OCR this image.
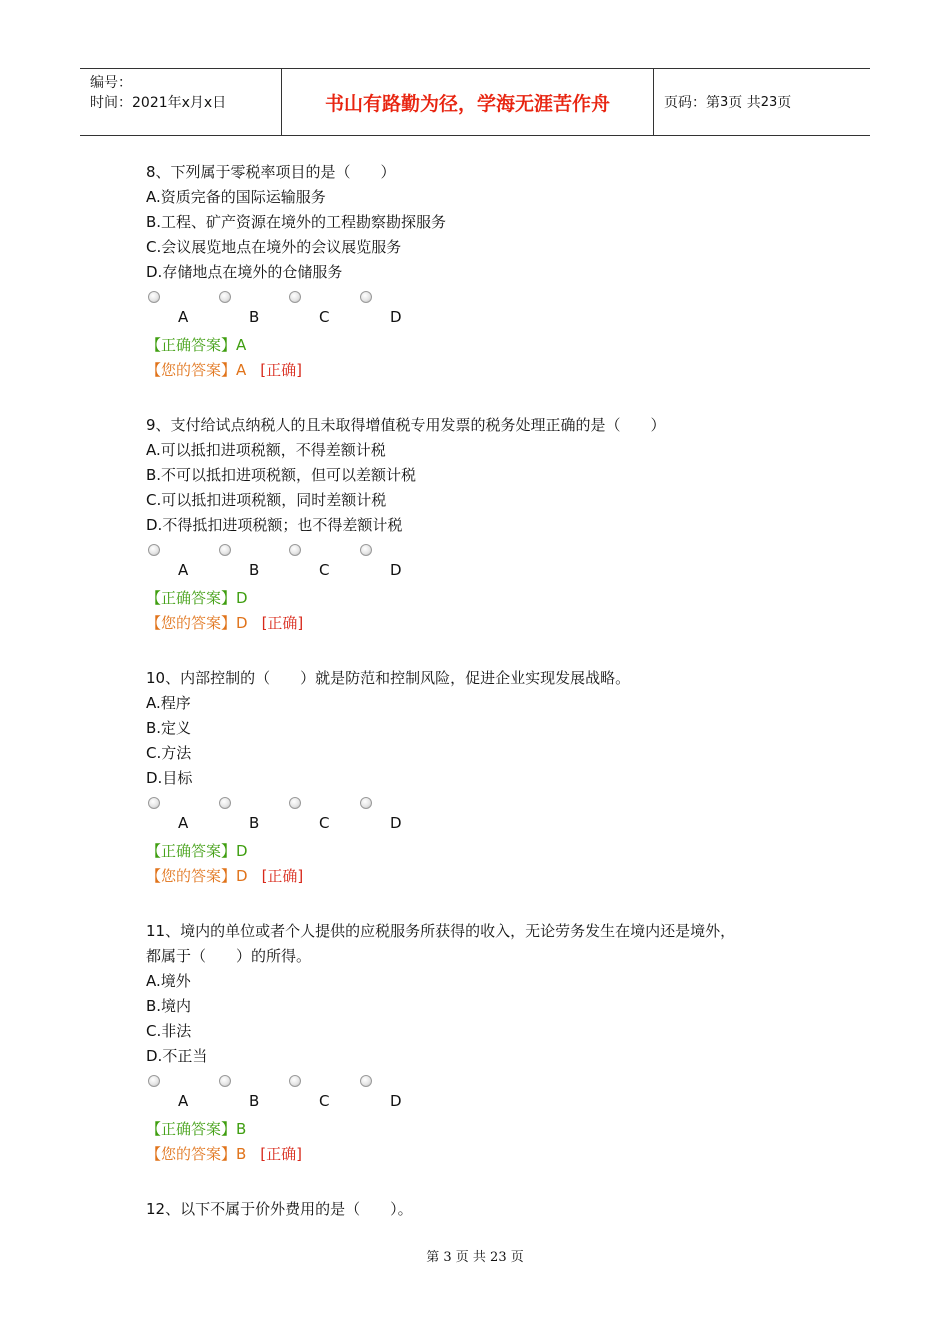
编号：
时间：2021年x月x日	书山有路勤为径，学海无涯苦作舟	页码：第 3 页 共 23 页
8、下列属于零税率项目的是（　　）
A.资质完备的国际运输服务
B.工程、矿产资源在境外的工程勘察勘探服务
C.会议展览地点在境外的会议展览服务
D.存储地点在境外的仓储服务
A	B	C	D
【正确答案】A
【您的答案】A [正确]
9、支付给试点纳税人的且未取得增值税专用发票的税务处理正确的是（　　）
A.可以抵扣进项税额，不得差额计税
B.不可以抵扣进项税额，但可以差额计税
C.可以抵扣进项税额，同时差额计税
D.不得抵扣进项税额；也不得差额计税
A	B	C	D
【正确答案】D
【您的答案】D [正确]
10、内部控制的（　　）就是防范和控制风险，促进企业实现发展战略。
A.程序
B.定义
C.方法
D.目标
A	B	C	D
【正确答案】D
【您的答案】D [正确]
11、境内的单位或者个人提供的应税服务所获得的收入，无论劳务发生在境内还是境外，
都属于（　　）的所得。
A.境外
B.境内
C.非法
D.不正当
A	B	C	D
【正确答案】B
【您的答案】B [正确]
12、以下不属于价外费用的是（　　）。
第 3 页 共 23 页
